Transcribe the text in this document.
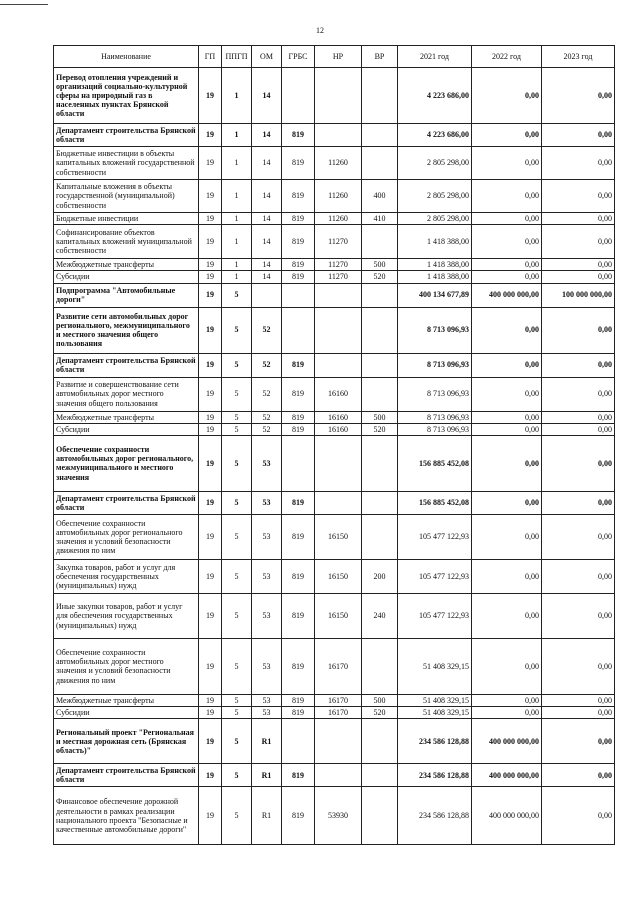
12
Наименование	ГП	ППГП	ОМ	ГРБС	НР	ВР	2021 год	2022 год	2023 год
Перевод отопления учреждений и организаций социально-культурной сферы на природный газ в населенных пунктах Брянской области	19	1	14				4 223 686,00	0,00	0,00
Департамент строительства Брянской области	19	1	14	819			4 223 686,00	0,00	0,00
Бюджетные инвестиции в объекты капитальных вложений государственной собственности	19	1	14	819	11260		2 805 298,00	0,00	0,00
Капитальные вложения в объекты государственной (муниципальной) собственности	19	1	14	819	11260	400	2 805 298,00	0,00	0,00
Бюджетные инвестиции	19	1	14	819	11260	410	2 805 298,00	0,00	0,00
Софинансирование объектов капитальных вложений муниципальной собственности	19	1	14	819	11270		1 418 388,00	0,00	0,00
Межбюджетные трансферты	19	1	14	819	11270	500	1 418 388,00	0,00	0,00
Субсидии	19	1	14	819	11270	520	1 418 388,00	0,00	0,00
Подпрограмма "Автомобильные дороги"	19	5					400 134 677,89	400 000 000,00	100 000 000,00
Развитие сети автомобильных дорог регионального, межмуниципального и местного значения общего пользования	19	5	52				8 713 096,93	0,00	0,00
Департамент строительства Брянской области	19	5	52	819			8 713 096,93	0,00	0,00
Развитие и совершенствование сети автомобильных дорог местного значения общего пользования	19	5	52	819	16160		8 713 096,93	0,00	0,00
Межбюджетные трансферты	19	5	52	819	16160	500	8 713 096,93	0,00	0,00
Субсидии	19	5	52	819	16160	520	8 713 096,93	0,00	0,00
Обеспечение сохранности автомобильных дорог регионального, межмуниципального и местного значения	19	5	53				156 885 452,08	0,00	0,00
Департамент строительства Брянской области	19	5	53	819			156 885 452,08	0,00	0,00
Обеспечение сохранности автомобильных дорог регионального значения и условий безопасности движения по ним	19	5	53	819	16150		105 477 122,93	0,00	0,00
Закупка товаров, работ и услуг для обеспечения государственных (муниципальных) нужд	19	5	53	819	16150	200	105 477 122,93	0,00	0,00
Иные закупки товаров, работ и услуг для обеспечения государственных (муниципальных) нужд	19	5	53	819	16150	240	105 477 122,93	0,00	0,00
Обеспечение сохранности автомобильных дорог местного значения и условий безопасности движения по ним	19	5	53	819	16170		51 408 329,15	0,00	0,00
Межбюджетные трансферты	19	5	53	819	16170	500	51 408 329,15	0,00	0,00
Субсидии	19	5	53	819	16170	520	51 408 329,15	0,00	0,00
Региональный проект "Региональная и местная дорожная сеть (Брянская область)"	19	5	R1				234 586 128,88	400 000 000,00	0,00
Департамент строительства Брянской области	19	5	R1	819			234 586 128,88	400 000 000,00	0,00
Финансовое обеспечение дорожной деятельности в рамках реализации национального проекта "Безопасные и качественные автомобильные дороги"	19	5	R1	819	53930		234 586 128,88	400 000 000,00	0,00
